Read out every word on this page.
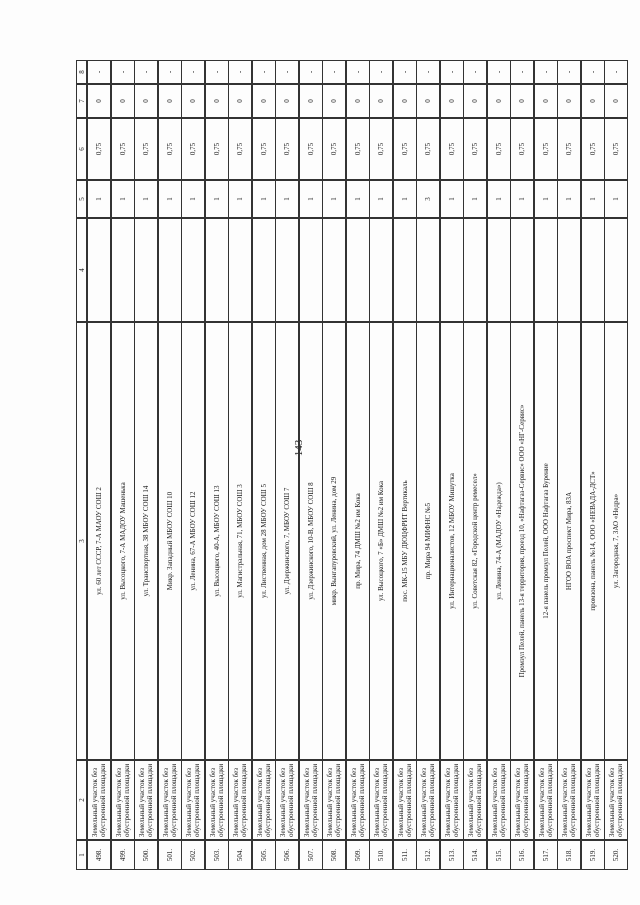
143
1
2
3
4
5
6
7
8
498.
Земельный участок без обустроенной площадки
ул. 60 лет СССР, 7-А МАОУ СОШ 2
1
0,75
0
-
499.
Земельный участок без обустроенной площадки
ул. Высоцкого, 7-А МАДОУ Машенька
1
0,75
0
-
500.
Земельный участок без обустроенной площадки
ул. Транспортная, 38 МБОУ СОШ 14
1
0,75
0
-
501.
Земельный участок без обустроенной площадки
Микр. Западный МБОУ СОШ 10
1
0,75
0
-
502.
Земельный участок без обустроенной площадки
ул. Ленина, 67-А МБОУ СОШ 12
1
0,75
0
-
503.
Земельный участок без обустроенной площадки
ул. Высоцкого, 40-А, МБОУ СОШ 13
1
0,75
0
-
504.
Земельный участок без обустроенной площадки
ул. Магистральная, 71, МБОУ СОШ 3
1
0,75
0
-
505.
Земельный участок без обустроенной площадки
ул. Лиственная, дом 28 МБОУ СОШ 5
1
0,75
0
-
506.
Земельный участок без обустроенной площадки
ул. Дзержинского, 7, МБОУ СОШ 7
1
0,75
0
-
507.
Земельный участок без обустроенной площадки
ул. Дзержинского, 10-В, МБОУ СОШ 8
1
0,75
0
-
508.
Земельный участок без обустроенной площадки
микр. Вынгапуровский, ул. Ленина, дом 29
1
0,75
0
-
509.
Земельный участок без обустроенной площадки
пр. Мира, 74 ДМШ №2 им Кока
1
0,75
0
-
510.
Земельный участок без обустроенной площадки
ул. Высоцкого, 7 «Б» ДМШ №2 им Кока
1
0,75
0
-
511.
Земельный участок без обустроенной площадки
пос. МК-15 МБУ ДЮЦФРИТ Вертикаль
1
0,75
0
-
512.
Земельный участок без обустроенной площадки
пр. Мира 94 МИФНС №5
3
0,75
0
-
513.
Земельный участок без обустроенной площадки
ул. Интернационалистов, 12 МБОУ Мишутка
1
0,75
0
-
514.
Земельный участок без обустроенной площадки
ул. Советская 82, «Городской центр ремесел»
1
0,75
0
-
515.
Земельный участок без обустроенной площадки
ул. Ленина, 74-А (МАДОУ «Надежда»)
1
0,75
0
-
516.
Земельный участок без обустроенной площадки
Промзул Пелей, панель 13-я территория, проезд 10, «Нафтагаз-Сервис» ООО «НГ-Сервис»
1
0,75
0
-
517.
Земельный участок без обустроенной площадки
12-я панель промзул Пелей, ООО Нафтагаз Бурение
1
0,75
0
-
518.
Земельный участок без обустроенной площадки
НГОО ВОА проспект Мира, 83А
1
0,75
0
-
519.
Земельный участок без обустроенной площадки
промзона, панель №14, ООО «НЕВАДА-ДСТ»
1
0,75
0
-
520.
Земельный участок без обустроенной площадки
ул. Загородная, 7, ЗАО «Недра»
1
0,75
0
-
